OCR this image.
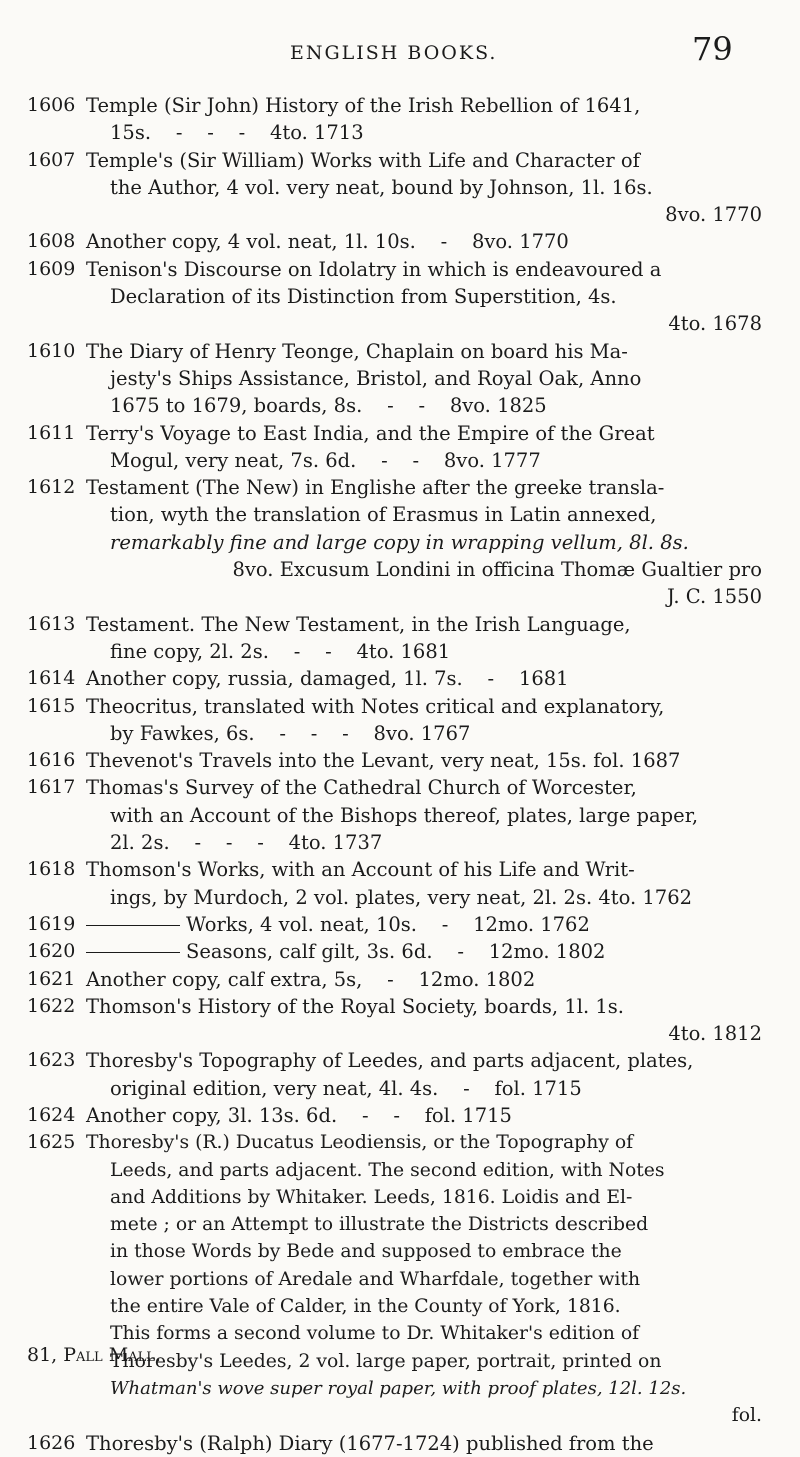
ENGLISH BOOKS.	79
1606 Temple (Sir John) History of the Irish Rebellion of 1641,
15s.    -    -    -    4to. 1713
1607 Temple's (Sir William) Works with Life and Character of
the Author, 4 vol. very neat, bound by Johnson, 1l. 16s.
8vo. 1770
1608 Another copy, 4 vol. neat, 1l. 10s.    -    8vo. 1770
1609 Tenison's Discourse on Idolatry in which is endeavoured a
Declaration of its Distinction from Superstition, 4s.
4to. 1678
1610 The Diary of Henry Teonge, Chaplain on board his Ma-
jesty's Ships Assistance, Bristol, and Royal Oak, Anno
1675 to 1679, boards, 8s.    -    -    8vo. 1825
1611 Terry's Voyage to East India, and the Empire of the Great
Mogul, very neat, 7s. 6d.    -    -    8vo. 1777
1612 Testament (The New) in Englishe after the greeke transla-
tion, wyth the translation of Erasmus in Latin annexed,
remarkably fine and large copy in wrapping vellum, 8l. 8s.
8vo. Excusum Londini in officina Thomæ Gualtier pro
J. C. 1550
1613 Testament. The New Testament, in the Irish Language,
fine copy, 2l. 2s.    -    -    4to. 1681
1614 Another copy, russia, damaged, 1l. 7s.    -    1681
1615 Theocritus, translated with Notes critical and explanatory,
by Fawkes, 6s.    -    -    -    8vo. 1767
1616 Thevenot's Travels into the Levant, very neat, 15s. fol. 1687
1617 Thomas's Survey of the Cathedral Church of Worcester,
with an Account of the Bishops thereof, plates, large paper,
2l. 2s.    -    -    -    4to. 1737
1618 Thomson's Works, with an Account of his Life and Writ-
ings, by Murdoch, 2 vol. plates, very neat, 2l. 2s. 4to. 1762
1619	Works, 4 vol. neat, 10s.    -    12mo. 1762
1620	Seasons, calf gilt, 3s. 6d.    -    12mo. 1802
1621 Another copy, calf extra, 5s,    -    12mo. 1802
1622 Thomson's History of the Royal Society, boards, 1l. 1s.
4to. 1812
1623 Thoresby's Topography of Leedes, and parts adjacent, plates,
original edition, very neat, 4l. 4s.    -    fol. 1715
1624 Another copy, 3l. 13s. 6d.    -    -    fol. 1715
1625 Thoresby's (R.) Ducatus Leodiensis, or the Topography of
Leeds, and parts adjacent. The second edition, with Notes
and Additions by Whitaker. Leeds, 1816. Loidis and El-
mete ; or an Attempt to illustrate the Districts described
in those Words by Bede and supposed to embrace the
lower portions of Aredale and Wharfdale, together with
the entire Vale of Calder, in the County of York, 1816.
This forms a second volume to Dr. Whitaker's edition of
Thoresby's Leedes, 2 vol. large paper, portrait, printed on
Whatman's wove super royal paper, with proof plates, 12l. 12s.
fol.
1626 Thoresby's (Ralph) Diary (1677-1724) published from the
81, Pall Mall.
